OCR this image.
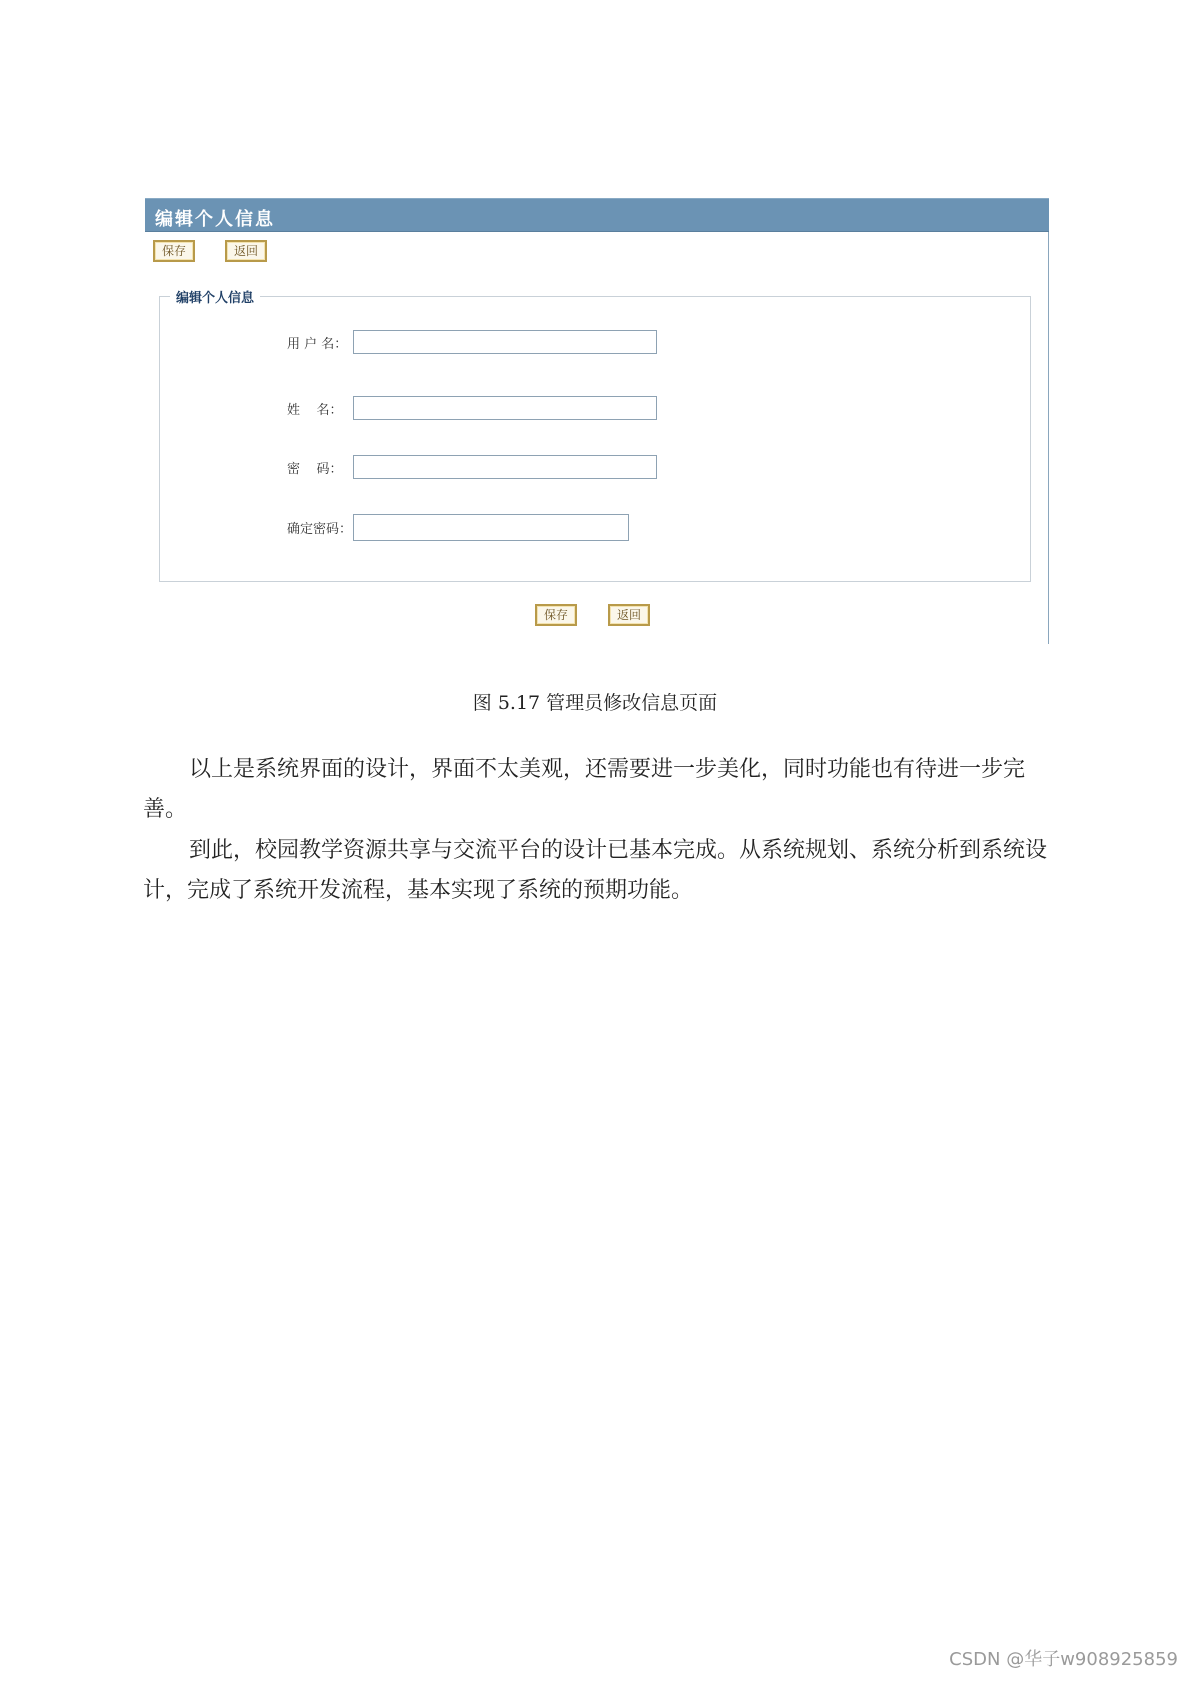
编辑个人信息
保存	返回
编辑个人信息
用 户 名：
姓    名：
密    码：
确定密码：
保存	返回
图 5.17 管理员修改信息页面

以上是系统界面的设计，界面不太美观，还需要进一步美化，同时功能也有待进一步完善。

到此，校园教学资源共享与交流平台的设计已基本完成。从系统规划、系统分析到系统设计，完成了系统开发流程，基本实现了系统的预期功能。

CSDN @华子w908925859
